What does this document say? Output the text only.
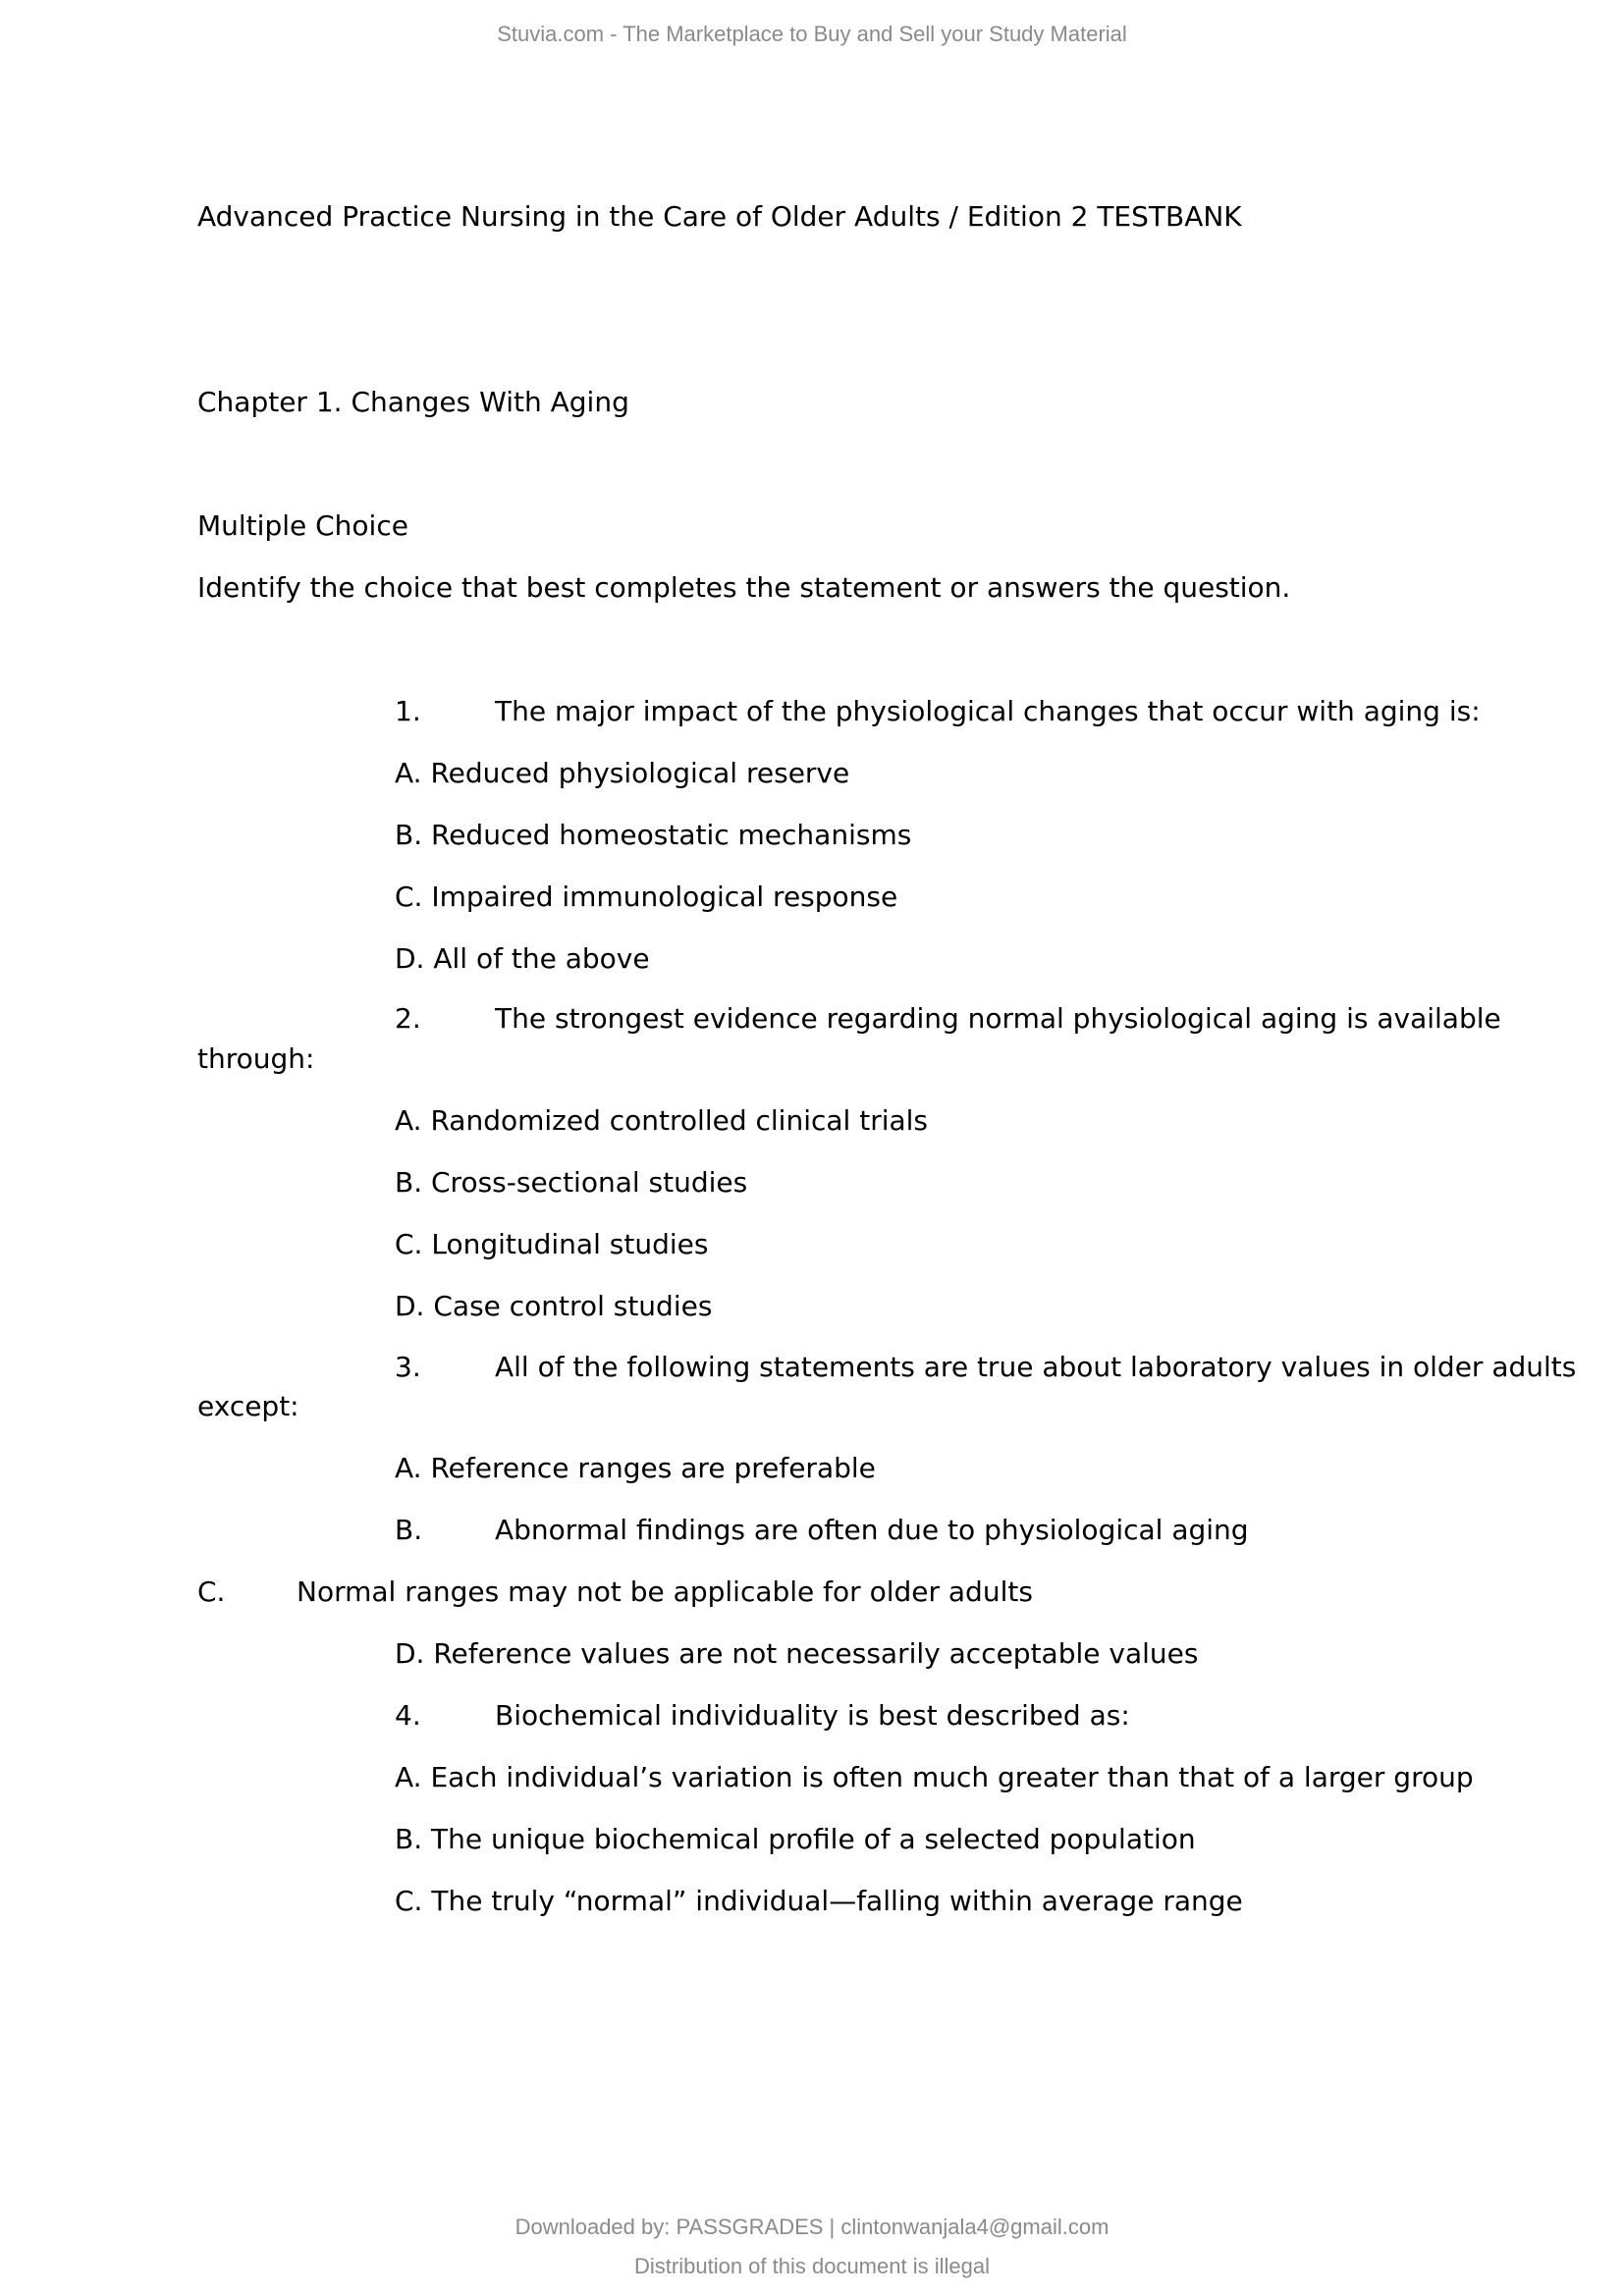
Stuvia.com - The Marketplace to Buy and Sell your Study Material
Advanced Practice Nursing in the Care of Older Adults / Edition 2 TESTBANK
Chapter 1. Changes With Aging
Multiple Choice
Identify the choice that best completes the statement or answers the question.
1.	The major impact of the physiological changes that occur with aging is:
A. Reduced physiological reserve
B. Reduced homeostatic mechanisms
C. Impaired immunological response
D. All of the above
2.	The strongest evidence regarding normal physiological aging is available
through:
A. Randomized controlled clinical trials
B. Cross-sectional studies
C. Longitudinal studies
D. Case control studies
3.	All of the following statements are true about laboratory values in older adults
except:
A. Reference ranges are preferable
B.	Abnormal findings are often due to physiological aging
C.	Normal ranges may not be applicable for older adults
D. Reference values are not necessarily acceptable values
4.	Biochemical individuality is best described as:
A. Each individual’s variation is often much greater than that of a larger group
B. The unique biochemical profile of a selected population
C. The truly “normal” individual—falling within average range
Downloaded by: PASSGRADES | clintonwanjala4@gmail.com
Distribution of this document is illegal
